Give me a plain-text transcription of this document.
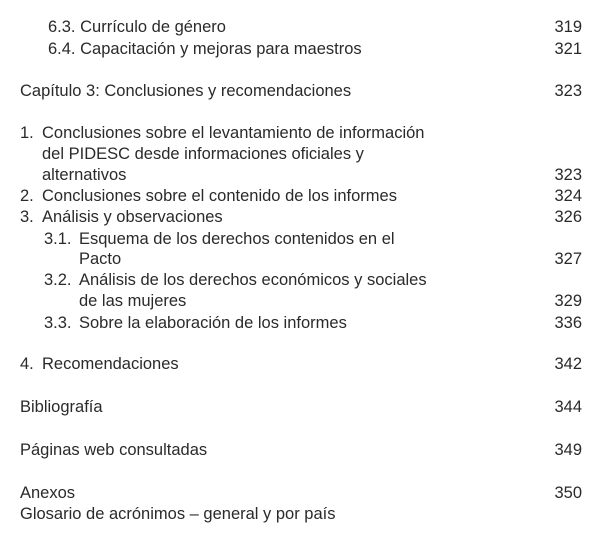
6.3. Currículo de género	319
6.4. Capacitación y mejoras para maestros	321
Capítulo 3: Conclusiones y recomendaciones	323
1. Conclusiones sobre el levantamiento de información
del PIDESC desde informaciones oficiales y
alternativos	323
2. Conclusiones sobre el contenido de los informes	324
3. Análisis y observaciones	326
3.1. Esquema de los derechos contenidos en el
Pacto	327
3.2. Análisis de los derechos económicos y sociales
de las mujeres	329
3.3. Sobre la elaboración de los informes	336
4. Recomendaciones	342
Bibliografía	344
Páginas web consultadas	349
Anexos	350
Glosario de acrónimos – general y por país
